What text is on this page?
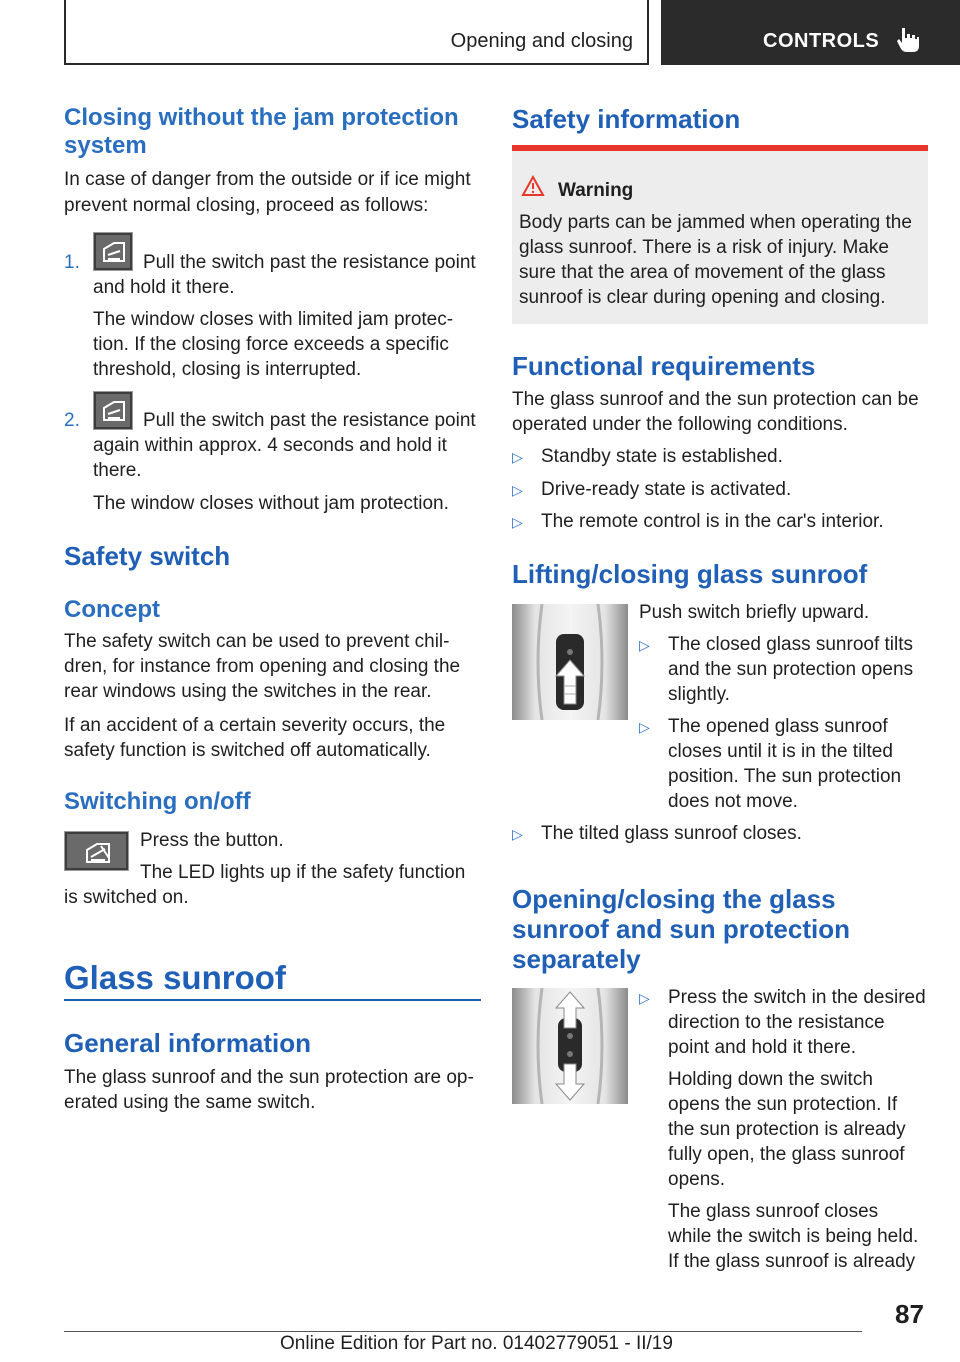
Opening and closing	CONTROLS
Closing without the jam protection system
In case of danger from the outside or if ice might prevent normal closing, proceed as follows:
1.	Pull the switch past the resistance point
and hold it there.
The window closes with limited jam protec-
tion. If the closing force exceeds a specific
threshold, closing is interrupted.
2.	Pull the switch past the resistance point
again within approx. 4 seconds and hold it
there.
The window closes without jam protection.
Safety switch
Concept
The safety switch can be used to prevent chil-
dren, for instance from opening and closing the
rear windows using the switches in the rear.
If an accident of a certain severity occurs, the
safety function is switched off automatically.
Switching on/off
Press the button.
The LED lights up if the safety function
is switched on.
Glass sunroof
General information
The glass sunroof and the sun protection are op-
erated using the same switch.
Safety information
Warning
Body parts can be jammed when operating the
glass sunroof. There is a risk of injury. Make
sure that the area of movement of the glass
sunroof is clear during opening and closing.
Functional requirements
The glass sunroof and the sun protection can be
operated under the following conditions.
▷ Standby state is established.
▷ Drive-ready state is activated.
▷ The remote control is in the car's interior.
Lifting/closing glass sunroof
Push switch briefly upward.
▷ The closed glass sunroof tilts
and the sun protection opens
slightly.
▷ The opened glass sunroof
closes until it is in the tilted
position. The sun protection
does not move.
▷ The tilted glass sunroof closes.
Opening/closing the glass
sunroof and sun protection
separately
▷ Press the switch in the desired
direction to the resistance
point and hold it there.
Holding down the switch
opens the sun protection. If
the sun protection is already
fully open, the glass sunroof
opens.
The glass sunroof closes
while the switch is being held.
If the glass sunroof is already
87
Online Edition for Part no. 01402779051 - II/19
